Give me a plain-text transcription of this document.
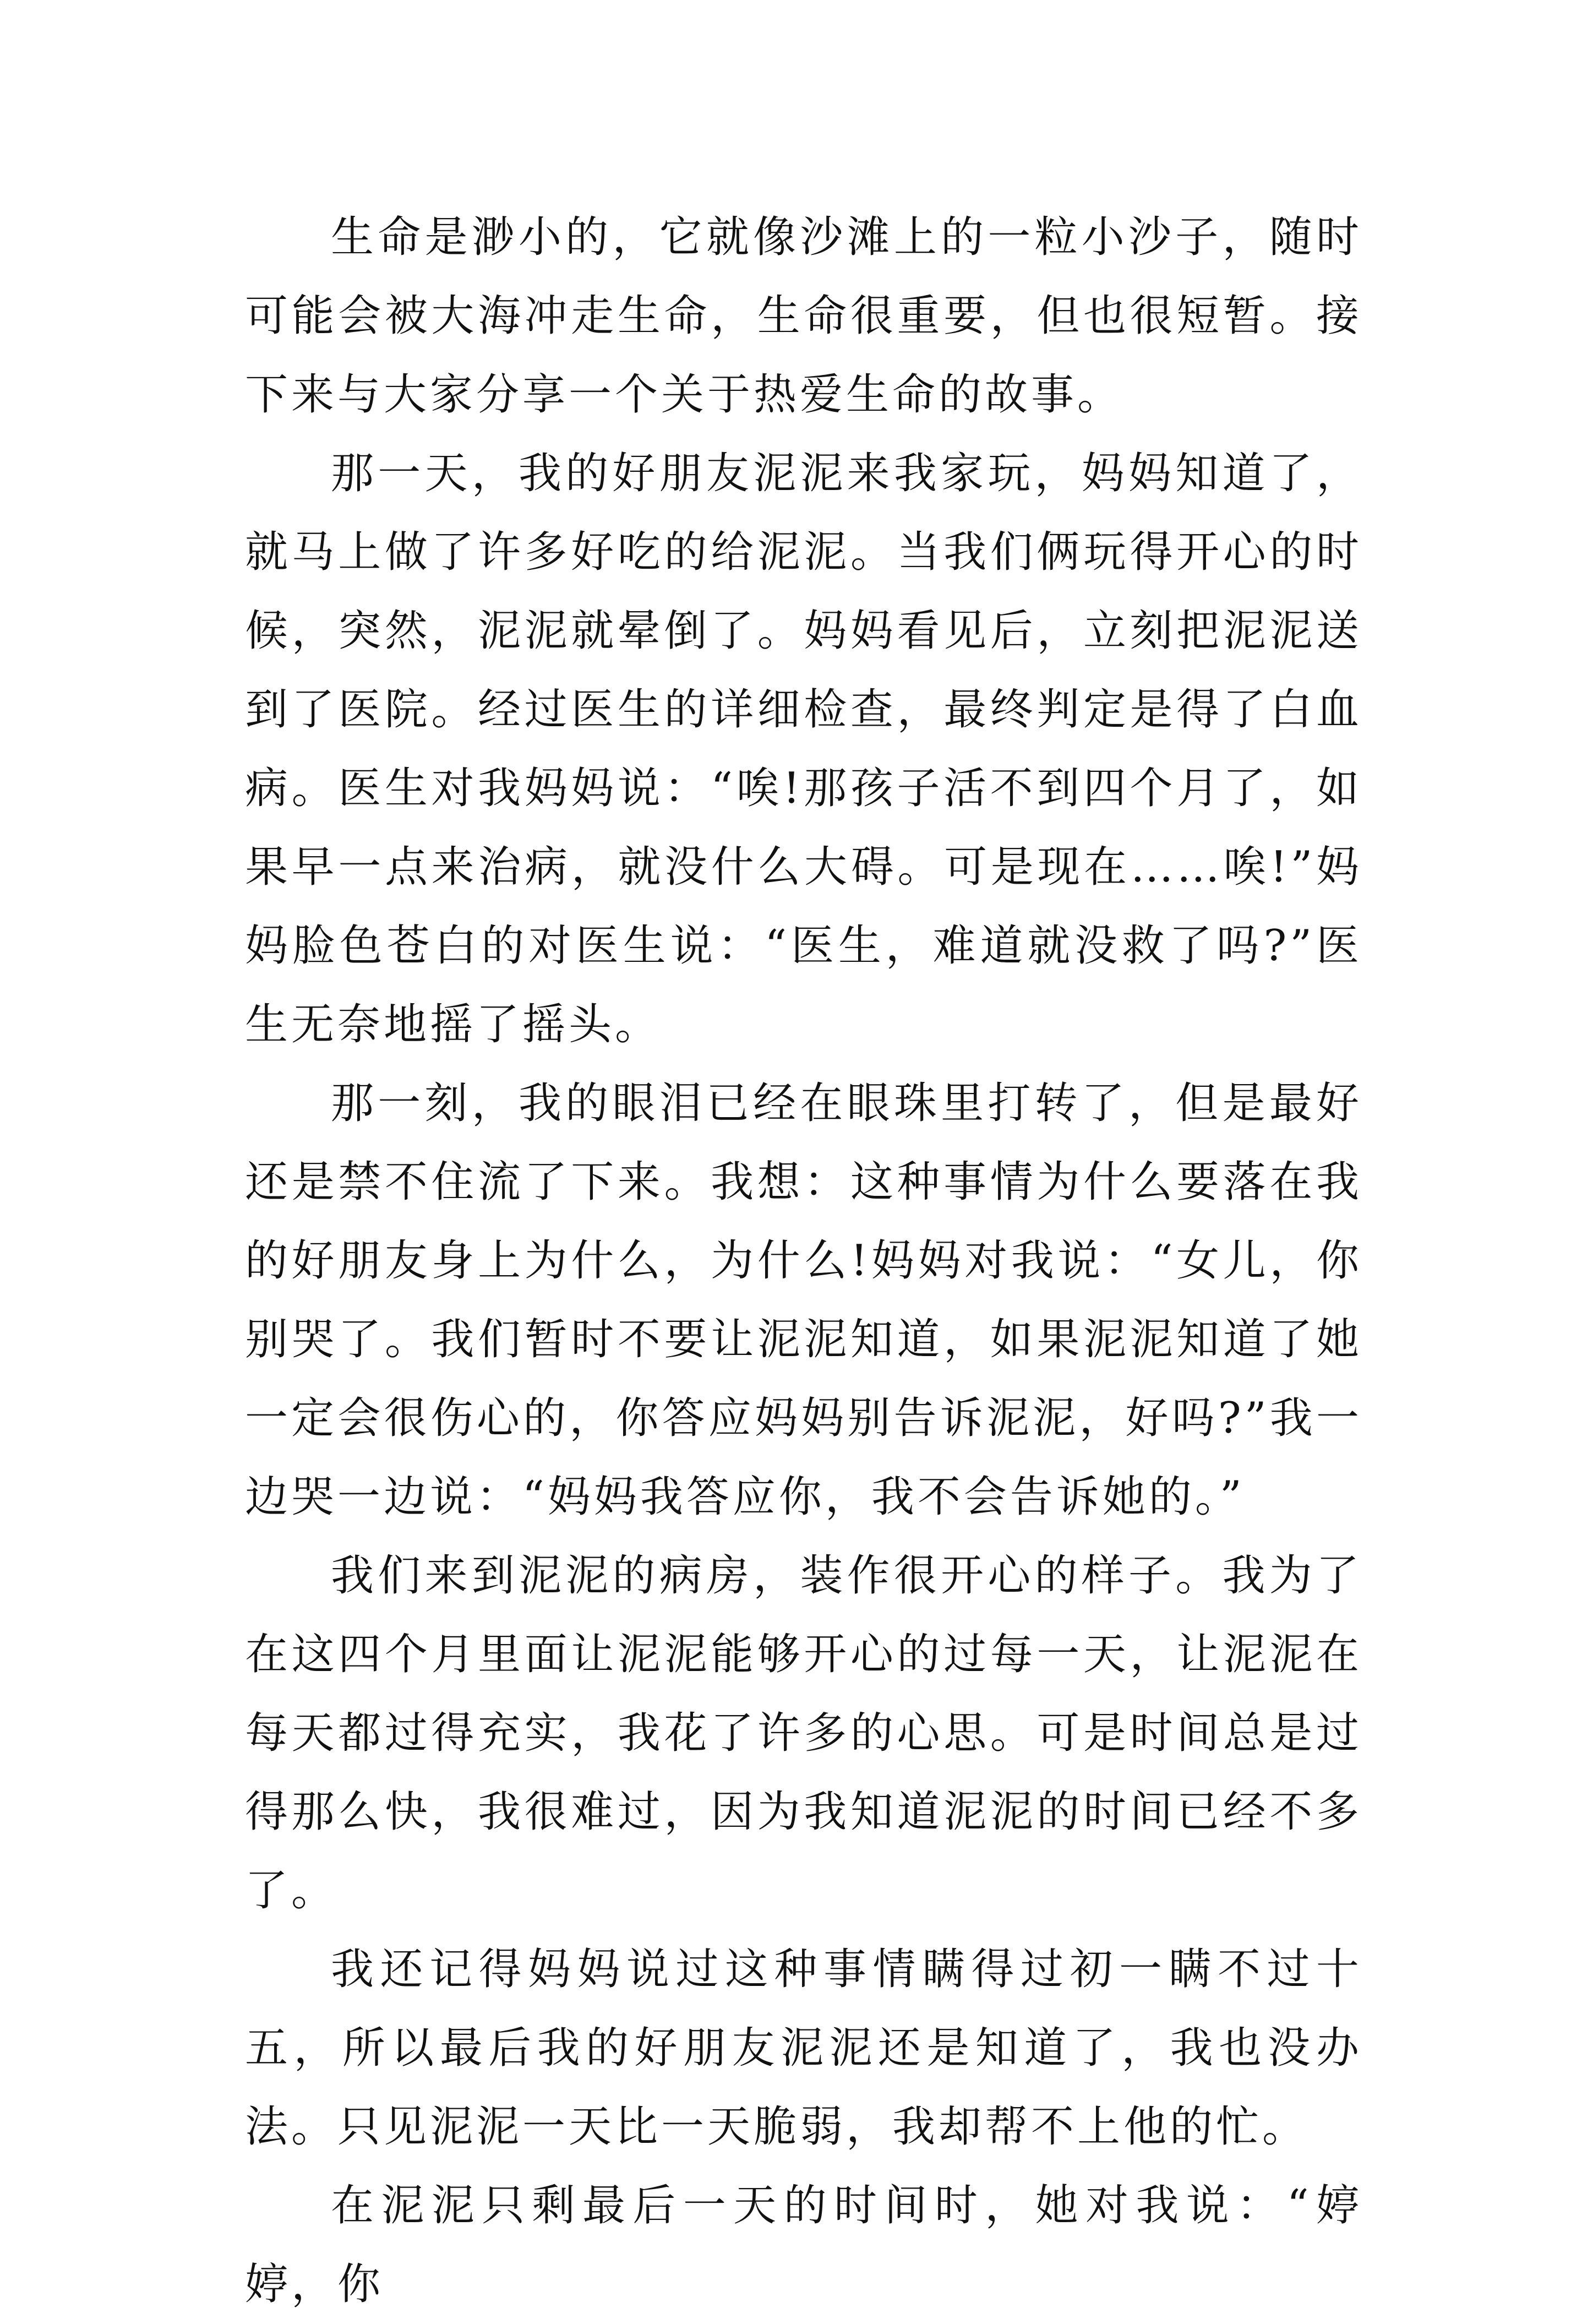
生命是渺小的，它就像沙滩上的一粒小沙子，随时可能会被大海冲走生命，生命很重要，但也很短暂。接下来与大家分享一个关于热爱生命的故事。

那一天，我的好朋友泥泥来我家玩，妈妈知道了，就马上做了许多好吃的给泥泥。当我们俩玩得开心的时候，突然，泥泥就晕倒了。妈妈看见后，立刻把泥泥送到了医院。经过医生的详细检查，最终判定是得了白血病。医生对我妈妈说：“唉!那孩子活不到四个月了，如果早一点来治病，就没什么大碍。可是现在……唉!”妈妈脸色苍白的对医生说：“医生，难道就没救了吗?”医生无奈地摇了摇头。

那一刻，我的眼泪已经在眼珠里打转了，但是最好还是禁不住流了下来。我想：这种事情为什么要落在我的好朋友身上为什么，为什么!妈妈对我说：“女儿，你别哭了。我们暂时不要让泥泥知道，如果泥泥知道了她一定会很伤心的，你答应妈妈别告诉泥泥，好吗?”我一边哭一边说：“妈妈我答应你，我不会告诉她的。”

我们来到泥泥的病房，装作很开心的样子。我为了在这四个月里面让泥泥能够开心的过每一天，让泥泥在每天都过得充实，我花了许多的心思。可是时间总是过得那么快，我很难过，因为我知道泥泥的时间已经不多了。

我还记得妈妈说过这种事情瞒得过初一瞒不过十五，所以最后我的好朋友泥泥还是知道了，我也没办法。只见泥泥一天比一天脆弱，我却帮不上他的忙。

在泥泥只剩最后一天的时间时，她对我说：“婷婷，你
